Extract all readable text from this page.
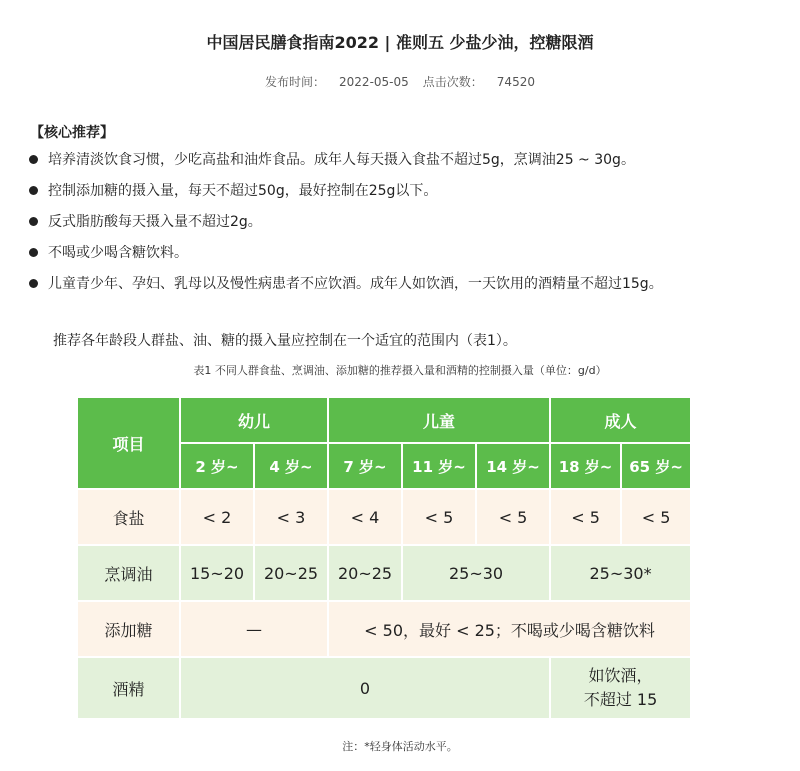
中国居民膳食指南2022 | 准则五 少盐少油，控糖限酒
发布时间： 2022-05-05 点击次数： 74520
【核心推荐】
培养清淡饮食习惯，少吃高盐和油炸食品。成年人每天摄入食盐不超过5g，烹调油25 ~ 30g。
控制添加糖的摄入量，每天不超过50g，最好控制在25g以下。
反式脂肪酸每天摄入量不超过2g。
不喝或少喝含糖饮料。
儿童青少年、孕妇、乳母以及慢性病患者不应饮酒。成年人如饮酒，一天饮用的酒精量不超过15g。
推荐各年龄段人群盐、油、糖的摄入量应控制在一个适宜的范围内（表1）。
表1 不同人群食盐、烹调油、添加糖的推荐摄入量和酒精的控制摄入量（单位：g/d）
项目	幼儿		儿童			成人	
	2 岁~	4 岁~	7 岁~	11 岁~	14 岁~	18 岁~	65 岁~
食盐	< 2	< 3	< 4	< 5	< 5	< 5	< 5
烹调油	15~20	20~25	20~25	25~30		25~30*	
添加糖	—		< 50，最好 < 25；不喝或少喝含糖饮料				
酒精	0					如饮酒，
不超过 15	
注：*轻身体活动水平。
